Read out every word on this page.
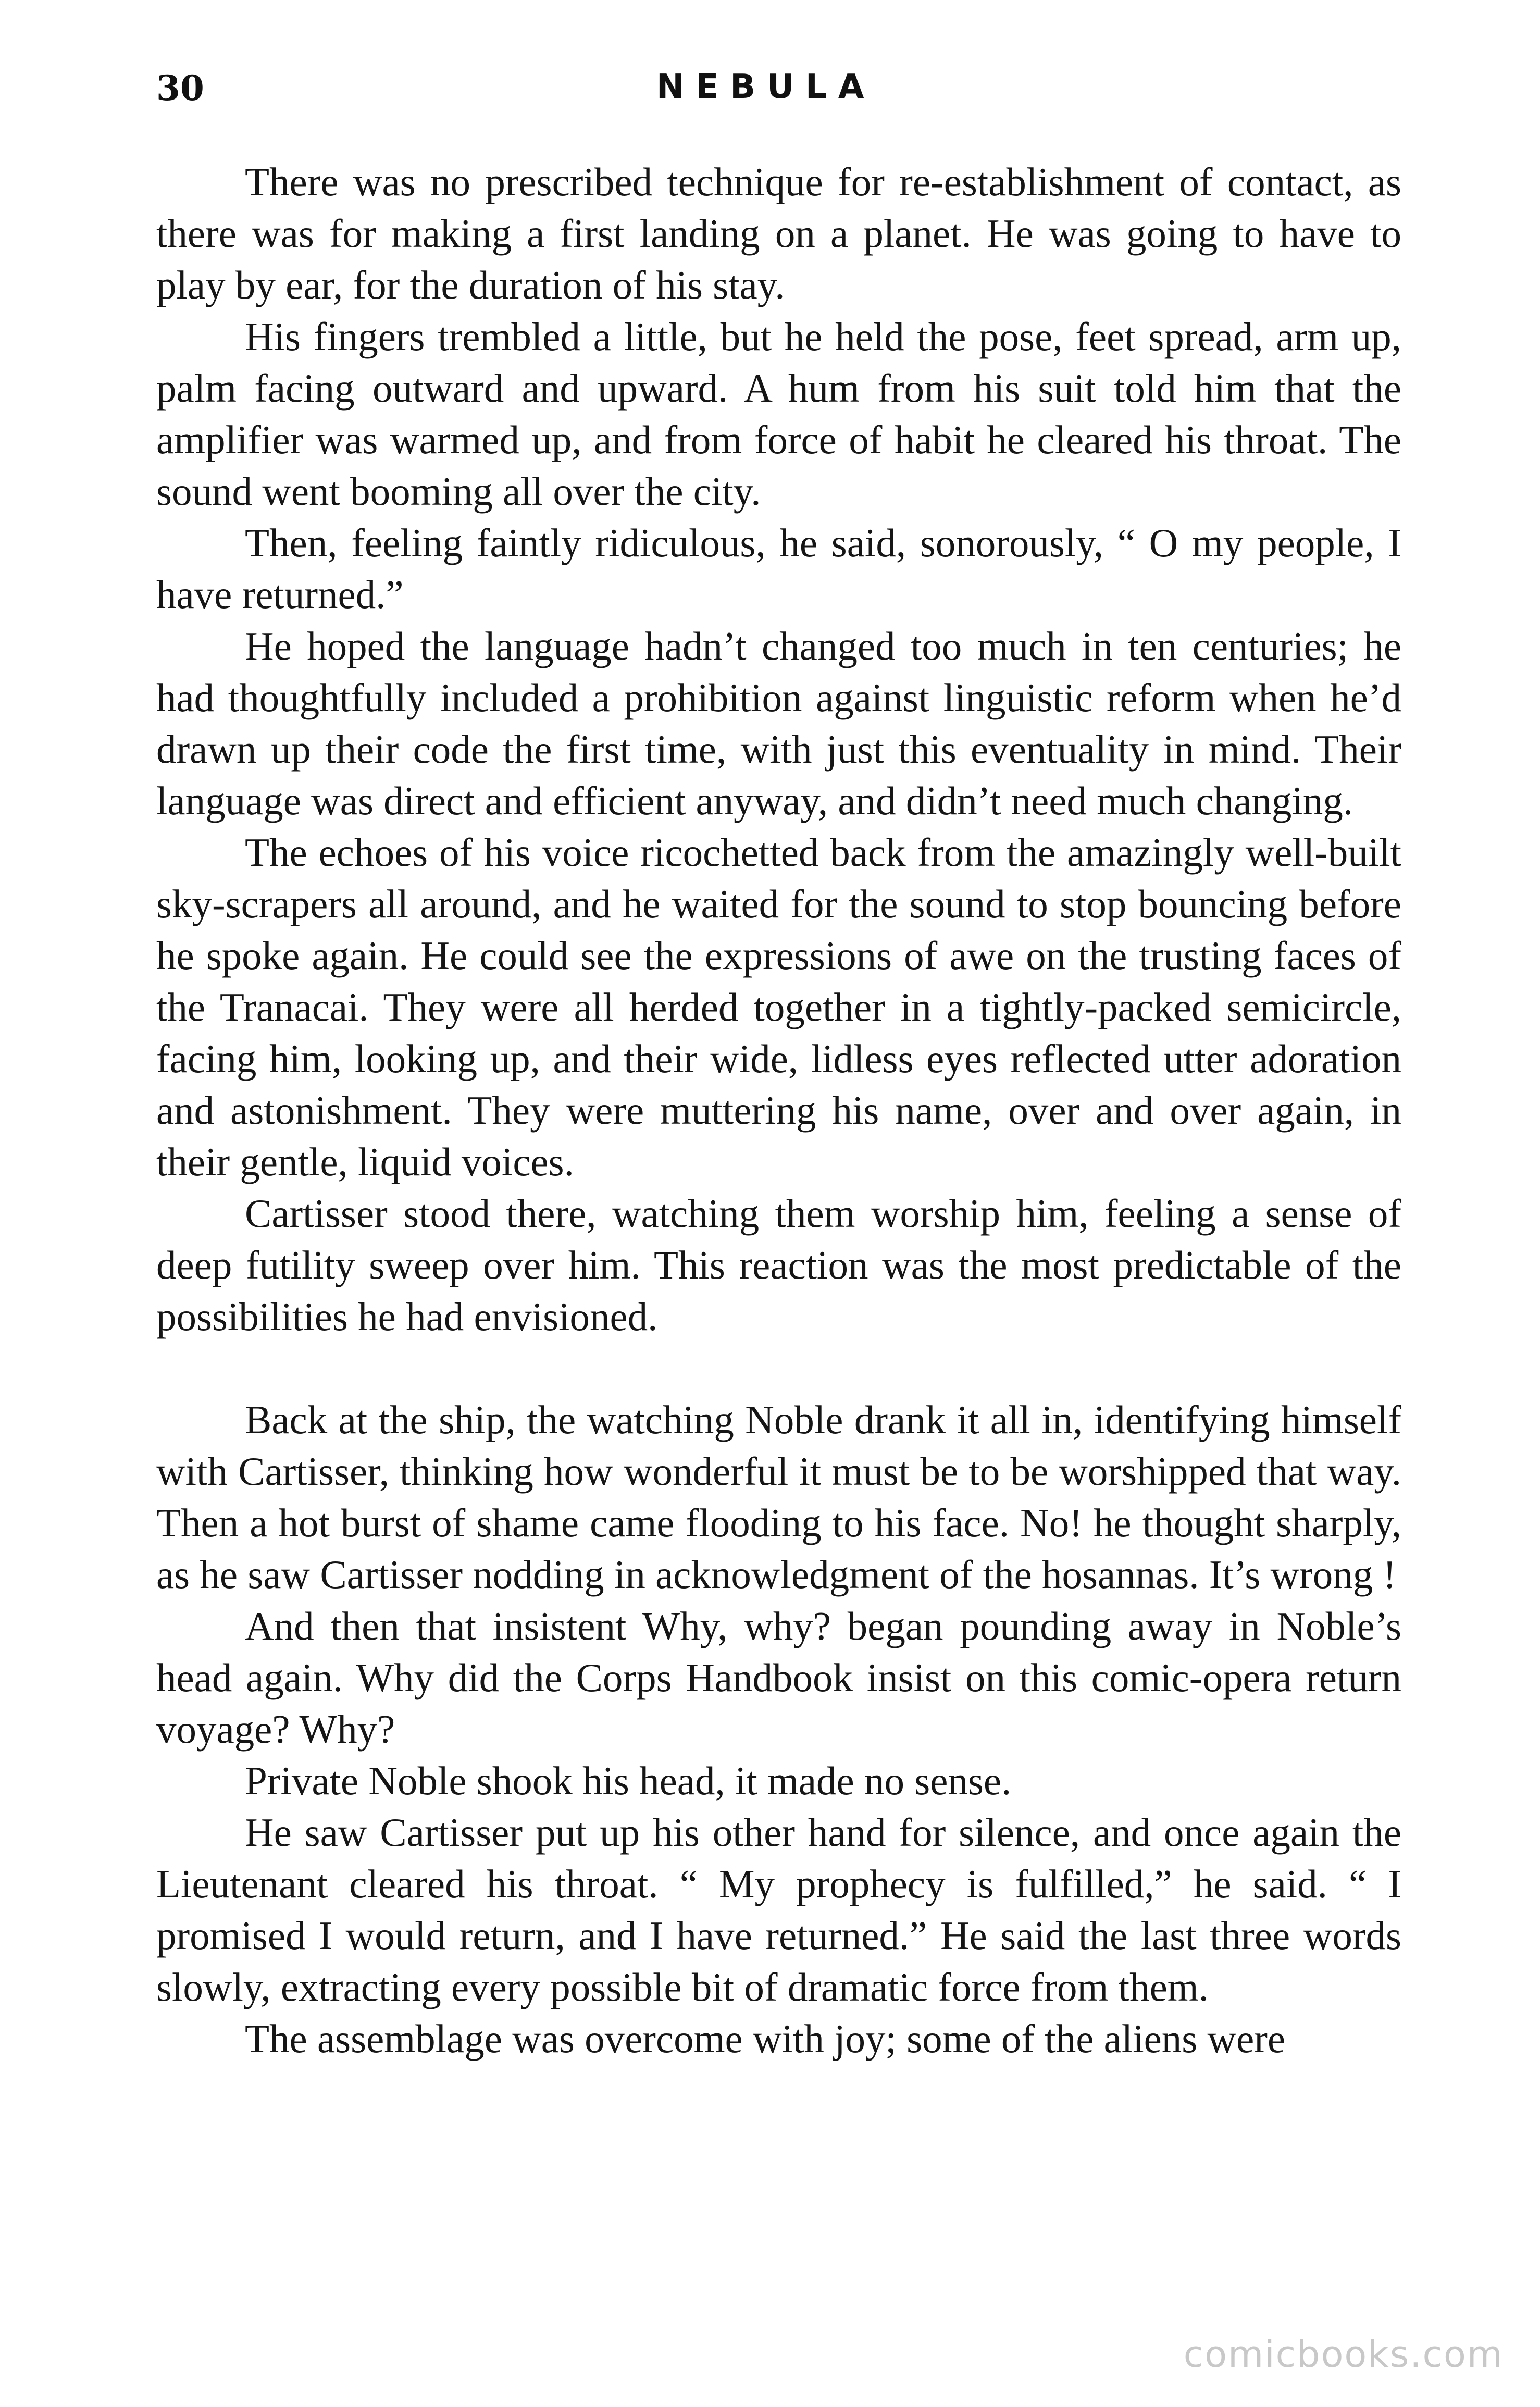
30	NEBULA

There was no prescribed technique for re-establishment of contact, as there was for making a first landing on a planet. He was going to have to play by ear, for the duration of his stay.

His fingers trembled a little, but he held the pose, feet spread, arm up, palm facing outward and upward. A hum from his suit told him that the amplifier was warmed up, and from force of habit he cleared his throat. The sound went booming all over the city.

Then, feeling faintly ridiculous, he said, sonorously, “ O my people, I have returned.”

He hoped the language hadn’t changed too much in ten centuries; he had thoughtfully included a prohibition against linguistic reform when he’d drawn up their code the first time, with just this eventuality in mind. Their language was direct and efficient anyway, and didn’t need much changing.

The echoes of his voice ricochetted back from the amazingly well-built sky-scrapers all around, and he waited for the sound to stop bouncing before he spoke again. He could see the expressions of awe on the trusting faces of the Tranacai. They were all herded together in a tightly-packed semicircle, facing him, looking up, and their wide, lidless eyes reflected utter adoration and astonishment. They were muttering his name, over and over again, in their gentle, liquid voices.

Cartisser stood there, watching them worship him, feeling a sense of deep futility sweep over him. This reaction was the most predictable of the possibilities he had envisioned.

Back at the ship, the watching Noble drank it all in, identifying himself with Cartisser, thinking how wonderful it must be to be worshipped that way. Then a hot burst of shame came flooding to his face. No! he thought sharply, as he saw Cartisser nodding in acknowledgment of the hosannas. It’s wrong !

And then that insistent Why, why? began pounding away in Noble’s head again. Why did the Corps Handbook insist on this comic-opera return voyage? Why?

Private Noble shook his head, it made no sense.

He saw Cartisser put up his other hand for silence, and once again the Lieutenant cleared his throat. “ My prophecy is fulfilled,” he said. “ I promised I would return, and I have returned.” He said the last three words slowly, extracting every possible bit of dramatic force from them.

The assemblage was overcome with joy; some of the aliens were

comicbooks.com
